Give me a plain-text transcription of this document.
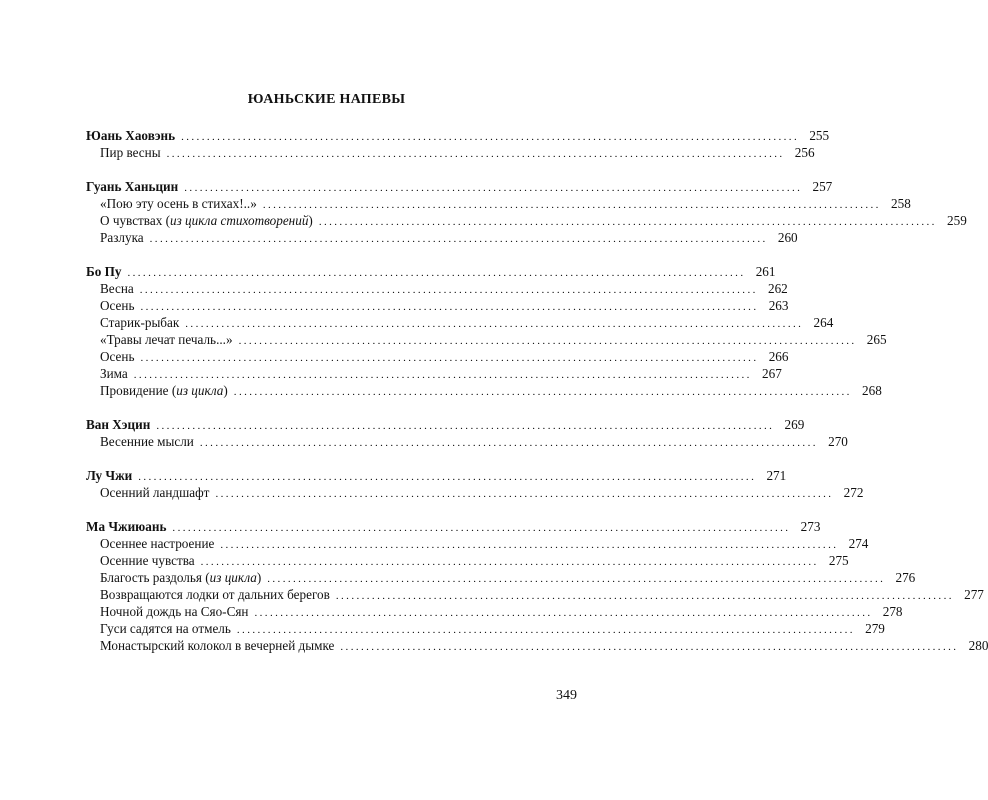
ЮАНЬСКИЕ НАПЕВЫ
Юань Хаовэнь ........................................................................................................................ 255
Пир весны ........................................................................................................................ 256
Гуань Ханьцин ........................................................................................................................ 257
«Пою эту осень в стихах!..» ........................................................................................................................ 258
О чувствах (из цикла стихотворений) ........................................................................................................................ 259
Разлука ........................................................................................................................ 260
Бо Пу ........................................................................................................................ 261
Весна ........................................................................................................................ 262
Осень ........................................................................................................................ 263
Старик-рыбак ........................................................................................................................ 264
«Травы лечат печаль...» ........................................................................................................................ 265
Осень ........................................................................................................................ 266
Зима ........................................................................................................................ 267
Провидение (из цикла) ........................................................................................................................ 268
Ван Хэцин ........................................................................................................................ 269
Весенние мысли ........................................................................................................................ 270
Лу Чжи ........................................................................................................................ 271
Осенний ландшафт ........................................................................................................................ 272
Ма Чжиюань ........................................................................................................................ 273
Осеннее настроение ........................................................................................................................ 274
Осенние чувства ........................................................................................................................ 275
Благость раздолья (из цикла) ........................................................................................................................ 276
Возвращаются лодки от дальних берегов ........................................................................................................................ 277
Ночной дождь на Сяо-Сян ........................................................................................................................ 278
Гуси садятся на отмель ........................................................................................................................ 279
Монастырский колокол в вечерней дымке ........................................................................................................................ 280
349
